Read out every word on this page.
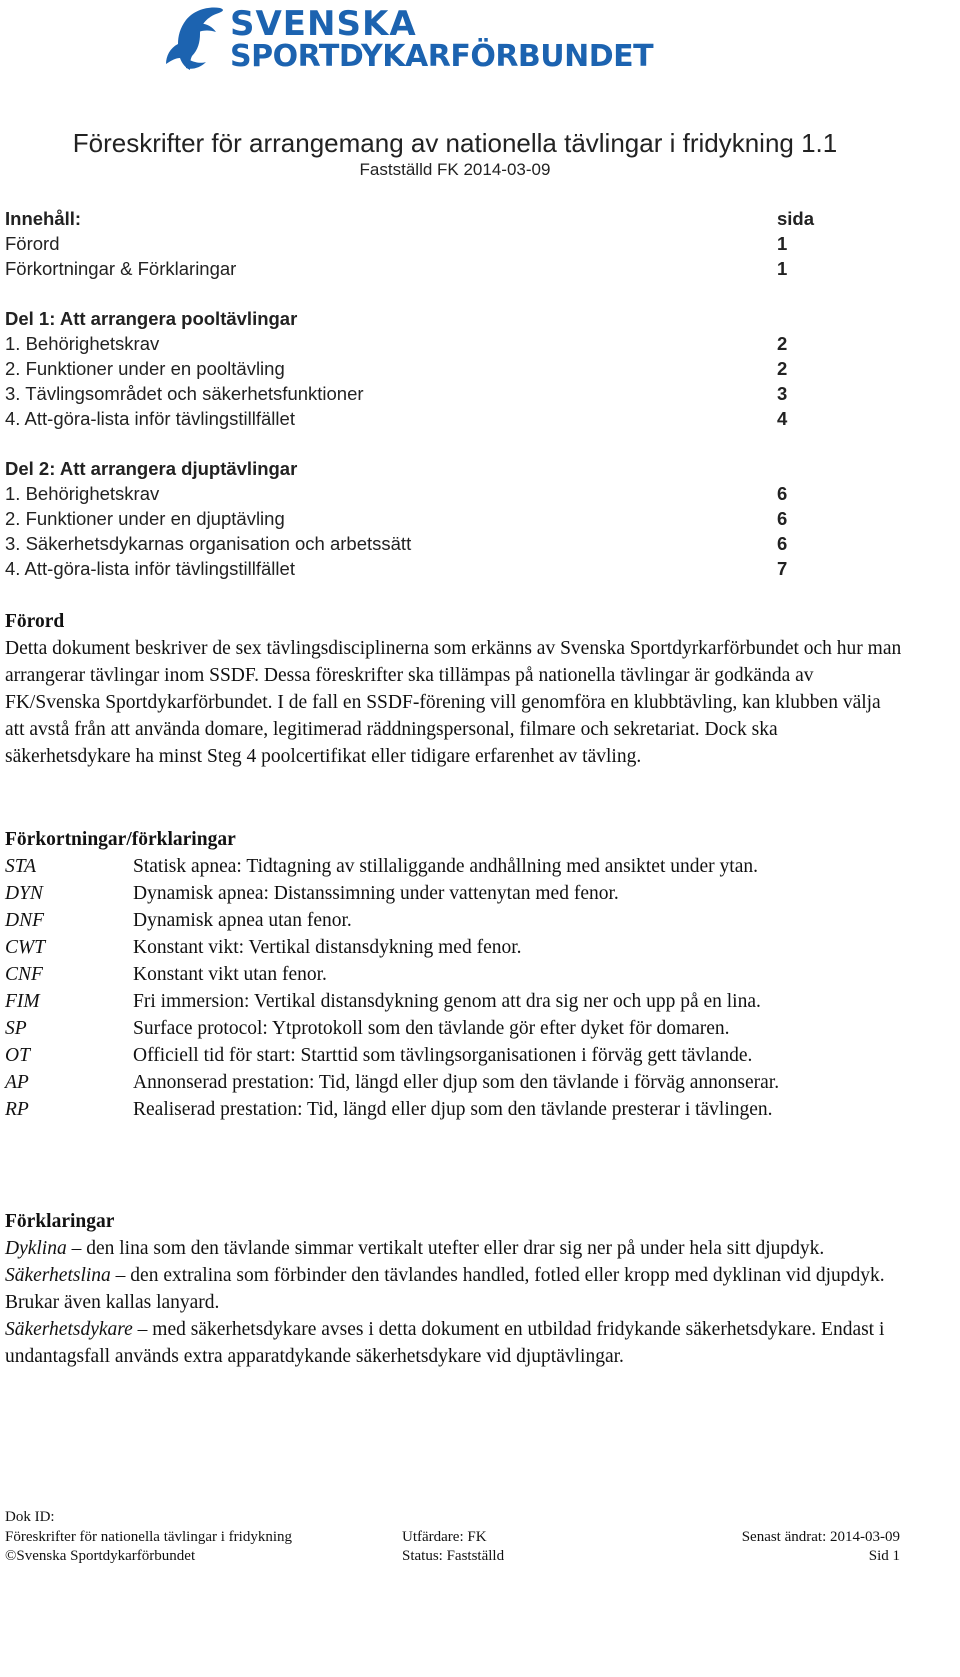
SVENSKA
SPORTDYKARFÖRBUNDET
Föreskrifter för arrangemang av nationella tävlingar i fridykning 1.1
Fastställd FK 2014-03-09
Innehåll:	sida
Förord	1
Förkortningar & Förklaringar	1
Del 1: Att arrangera pooltävlingar
1. Behörighetskrav	2
2. Funktioner under en pooltävling	2
3. Tävlingsområdet och säkerhetsfunktioner	3
4. Att-göra-lista inför tävlingstillfället	4
Del 2: Att arrangera djuptävlingar
1. Behörighetskrav	6
2. Funktioner under en djuptävling	6
3. Säkerhetsdykarnas organisation och arbetssätt	6
4. Att-göra-lista inför tävlingstillfället	7
Förord
Detta dokument beskriver de sex tävlingsdisciplinerna som erkänns av Svenska Sportdyrkarförbundet och hur man arrangerar tävlingar inom SSDF. Dessa föreskrifter ska tillämpas på nationella tävlingar är godkända av FK/Svenska Sportdykarförbundet. I de fall en SSDF-förening vill genomföra en klubbtävling, kan klubben välja att avstå från att använda domare, legitimerad räddningspersonal, filmare och sekretariat. Dock ska säkerhetsdykare ha minst Steg 4 poolcertifikat eller tidigare erfarenhet av tävling.
Förkortningar/förklaringar
STA	Statisk apnea: Tidtagning av stillaliggande andhållning med ansiktet under ytan.
DYN	Dynamisk apnea: Distanssimning under vattenytan med fenor.
DNF	Dynamisk apnea utan fenor.
CWT	Konstant vikt: Vertikal distansdykning med fenor.
CNF	Konstant vikt utan fenor.
FIM	Fri immersion: Vertikal distansdykning genom att dra sig ner och upp på en lina.
SP	Surface protocol: Ytprotokoll som den tävlande gör efter dyket för domaren.
OT	Officiell tid för start: Starttid som tävlingsorganisationen i förväg gett tävlande.
AP	Annonserad prestation: Tid, längd eller djup som den tävlande i förväg annonserar.
RP	Realiserad prestation: Tid, längd eller djup som den tävlande presterar i tävlingen.
Förklaringar
Dyklina – den lina som den tävlande simmar vertikalt utefter eller drar sig ner på under hela sitt djupdyk.
Säkerhetslina – den extralina som förbinder den tävlandes handled, fotled eller kropp med dyklinan vid djupdyk. Brukar även kallas lanyard.
Säkerhetsdykare – med säkerhetsdykare avses i detta dokument en utbildad fridykande säkerhetsdykare. Endast i undantagsfall används extra apparatdykande säkerhetsdykare vid djuptävlingar.
Dok ID:
Föreskrifter för nationella tävlingar i fridykning	Utfärdare: FK	Senast ändrat: 2014-03-09
©Svenska Sportdykarförbundet	Status: Fastställd	Sid 1
